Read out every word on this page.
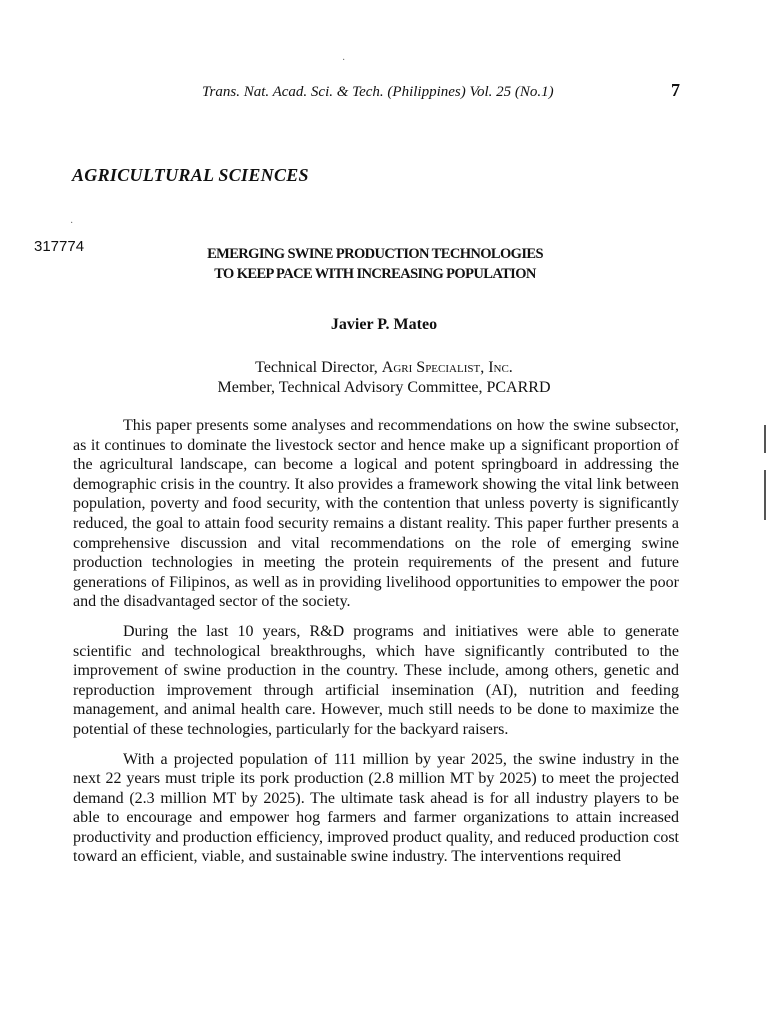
Trans. Nat. Acad. Sci. & Tech. (Philippines) Vol. 25 (No.1)	7
AGRICULTURAL SCIENCES
317774	EMERGING SWINE PRODUCTION TECHNOLOGIES
TO KEEP PACE WITH INCREASING POPULATION
Javier P. Mateo
Technical Director, Agri Specialist, Inc.
Member, Technical Advisory Committee, PCARRD

This paper presents some analyses and recommendations on how the swine subsector, as it continues to dominate the livestock sector and hence make up a significant proportion of the agricultural landscape, can become a logical and potent springboard in addressing the demographic crisis in the country. It also provides a framework showing the vital link between population, poverty and food security, with the contention that unless poverty is significantly reduced, the goal to attain food security remains a distant reality. This paper further presents a comprehensive discussion and vital recommendations on the role of emerging swine production technologies in meeting the protein requirements of the present and future generations of Filipinos, as well as in providing livelihood opportunities to empower the poor and the disadvantaged sector of the society.

During the last 10 years, R&D programs and initiatives were able to generate scientific and technological breakthroughs, which have significantly contributed to the improvement of swine production in the country. These include, among others, genetic and reproduction improvement through artificial insemination (AI), nutrition and feeding management, and animal health care. However, much still needs to be done to maximize the potential of these technologies, particularly for the backyard raisers.

With a projected population of 111 million by year 2025, the swine industry in the next 22 years must triple its pork production (2.8 million MT by 2025) to meet the projected demand (2.3 million MT by 2025). The ultimate task ahead is for all industry players to be able to encourage and empower hog farmers and farmer organizations to attain increased productivity and production efficiency, improved product quality, and reduced production cost toward an efficient, viable, and sustainable swine industry. The interventions required

·
·
